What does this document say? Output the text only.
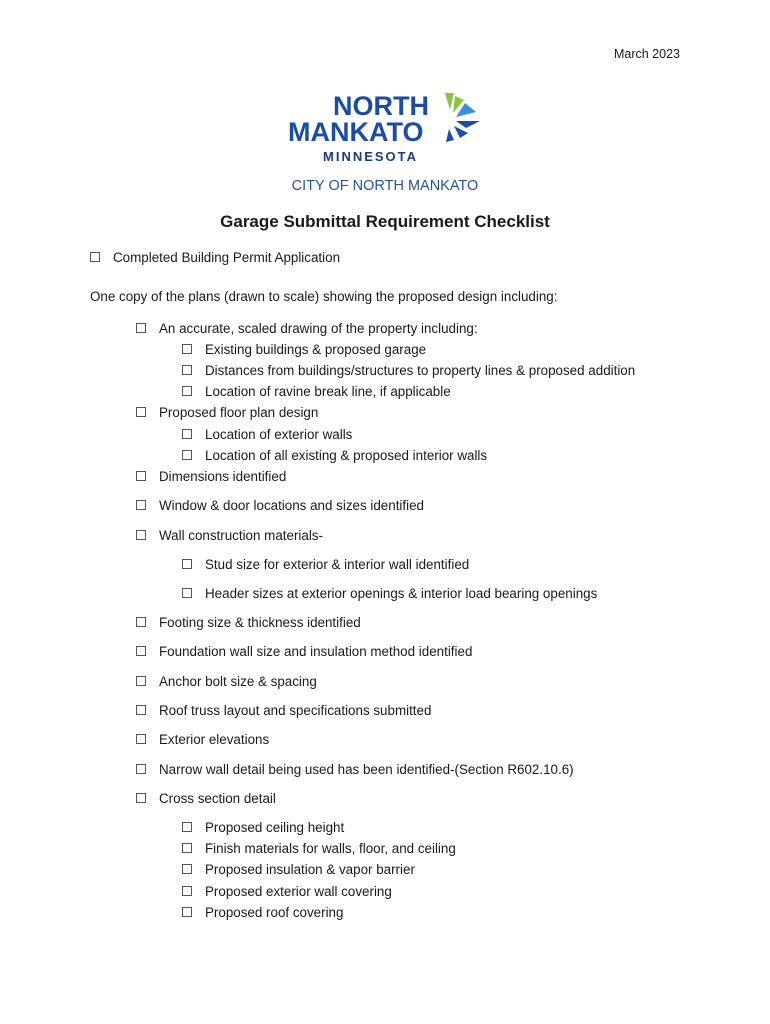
March 2023
NORTH
MANKATO
MINNESOTA
CITY OF NORTH MANKATO
Garage Submittal Requirement Checklist
Completed Building Permit Application
One copy of the plans (drawn to scale) showing the proposed design including:
An accurate, scaled drawing of the property including:
Existing buildings & proposed garage
Distances from buildings/structures to property lines & proposed addition
Location of ravine break line, if applicable
Proposed floor plan design
Location of exterior walls
Location of all existing & proposed interior walls
Dimensions identified
Window & door locations and sizes identified
Wall construction materials-
Stud size for exterior & interior wall identified
Header sizes at exterior openings & interior load bearing openings
Footing size & thickness identified
Foundation wall size and insulation method identified
Anchor bolt size & spacing
Roof truss layout and specifications submitted
Exterior elevations
Narrow wall detail being used has been identified-(Section R602.10.6)
Cross section detail
Proposed ceiling height
Finish materials for walls, floor, and ceiling
Proposed insulation & vapor barrier
Proposed exterior wall covering
Proposed roof covering
